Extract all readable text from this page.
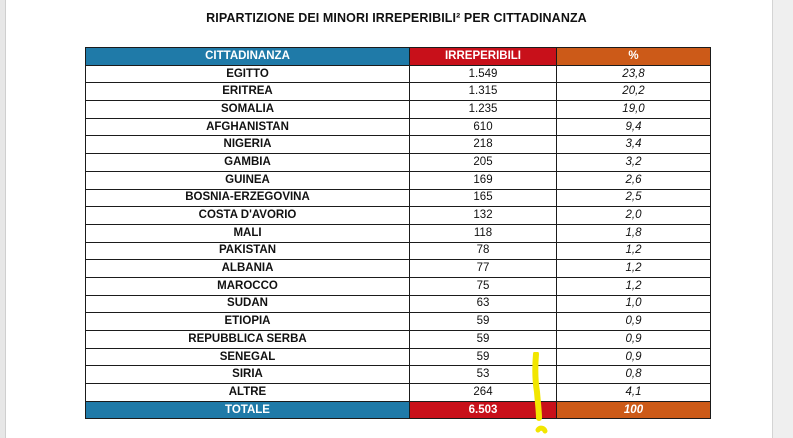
RIPARTIZIONE DEI MINORI IRREPERIBILI² PER CITTADINANZA
CITTADINANZA	IRREPERIBILI	%
EGITTO	1.549	23,8
ERITREA	1.315	20,2
SOMALIA	1.235	19,0
AFGHANISTAN	610	9,4
NIGERIA	218	3,4
GAMBIA	205	3,2
GUINEA	169	2,6
BOSNIA-ERZEGOVINA	165	2,5
COSTA D'AVORIO	132	2,0
MALI	118	1,8
PAKISTAN	78	1,2
ALBANIA	77	1,2
MAROCCO	75	1,2
SUDAN	63	1,0
ETIOPIA	59	0,9
REPUBBLICA SERBA	59	0,9
SENEGAL	59	0,9
SIRIA	53	0,8
ALTRE	264	4,1
TOTALE	6.503	100
